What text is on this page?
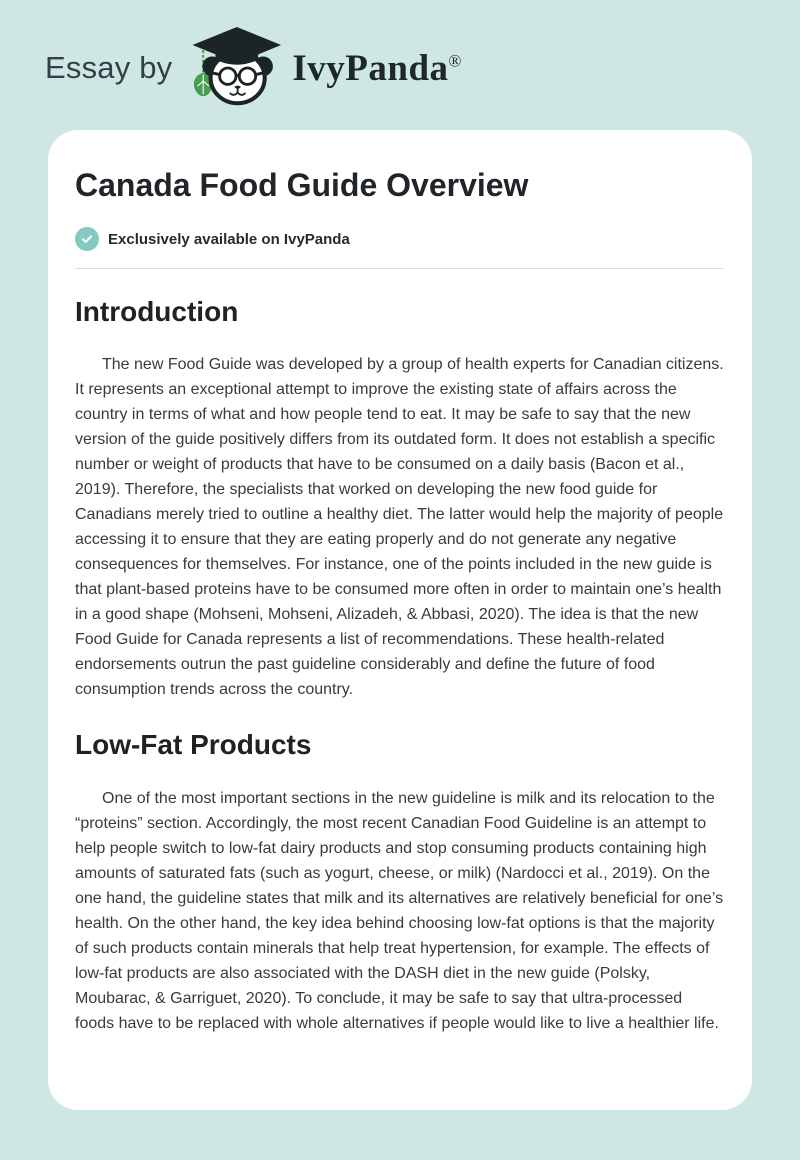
Essay by	IvyPanda®
Canada Food Guide Overview
Exclusively available on IvyPanda
Introduction

The new Food Guide was developed by a group of health experts for Canadian citizens. It represents an exceptional attempt to improve the existing state of affairs across the country in terms of what and how people tend to eat. It may be safe to say that the new version of the guide positively differs from its outdated form. It does not establish a specific number or weight of products that have to be consumed on a daily basis (Bacon et al., 2019). Therefore, the specialists that worked on developing the new food guide for Canadians merely tried to outline a healthy diet. The latter would help the majority of people accessing it to ensure that they are eating properly and do not generate any negative consequences for themselves. For instance, one of the points included in the new guide is that plant-based proteins have to be consumed more often in order to maintain one’s health in a good shape (Mohseni, Mohseni, Alizadeh, & Abbasi, 2020). The idea is that the new Food Guide for Canada represents a list of recommendations. These health-related endorsements outrun the past guideline considerably and define the future of food consumption trends across the country.

Low-Fat Products

One of the most important sections in the new guideline is milk and its relocation to the “proteins” section. Accordingly, the most recent Canadian Food Guideline is an attempt to help people switch to low-fat dairy products and stop consuming products containing high amounts of saturated fats (such as yogurt, cheese, or milk) (Nardocci et al., 2019). On the one hand, the guideline states that milk and its alternatives are relatively beneficial for one’s health. On the other hand, the key idea behind choosing low-fat options is that the majority of such products contain minerals that help treat hypertension, for example. The effects of low-fat products are also associated with the DASH diet in the new guide (Polsky, Moubarac, & Garriguet, 2020). To conclude, it may be safe to say that ultra-processed foods have to be replaced with whole alternatives if people would like to live a healthier life.
